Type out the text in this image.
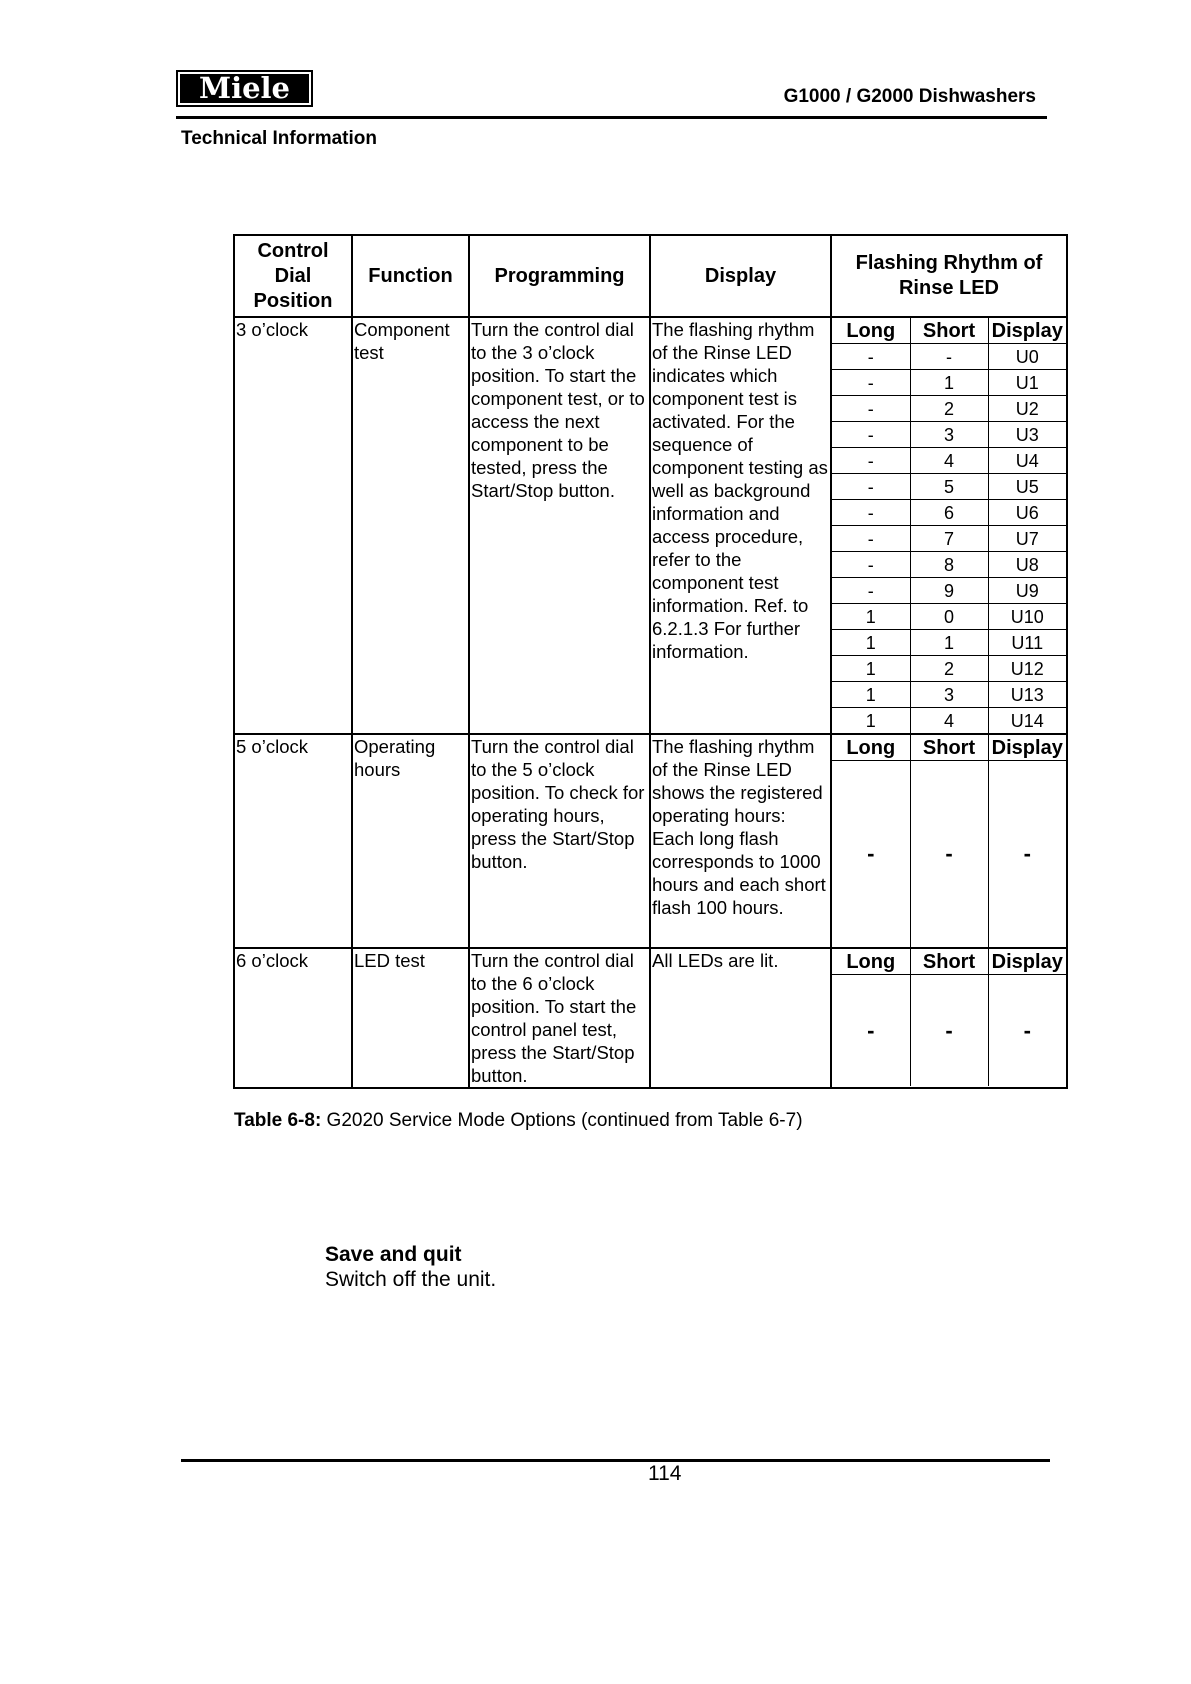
Miele	G1000 / G2000 Dishwashers
Technical Information
Control Dial Position	Function	Programming	Display	Flashing Rhythm of Rinse LED
3 o’clock	Component test	Turn the control dial to the 3 o’clock position. To start the component test, or to access the next component to be tested, press the Start/Stop button.	The flashing rhythm of the Rinse LED indicates which component test is activated. For the sequence of component testing as well as background information and access procedure, refer to the component test information. Ref. to 6.2.1.3 For further information.	
Long	Short	Display
-	-	U0
-	1	U1
-	2	U2
-	3	U3
-	4	U4
-	5	U5
-	6	U6
-	7	U7
-	8	U8
-	9	U9
1	0	U10
1	1	U11
1	2	U12
1	3	U13
1	4	U14

5 o’clock	Operating hours	Turn the control dial to the 5 o’clock position. To check for operating hours, press the Start/Stop button.	The flashing rhythm of the Rinse LED shows the registered operating hours: Each long flash corresponds to 1000 hours and each short flash 100 hours.	
Long	Short	Display
-	-	-

6 o’clock	LED test	Turn the control dial to the 6 o’clock position. To start the control panel test, press the Start/Stop button.	All LEDs are lit.		Long	Short	Display
-	-	-
Table 6-8: G2020 Service Mode Options (continued from Table 6-7)
Save and quit
Switch off the unit.
114
